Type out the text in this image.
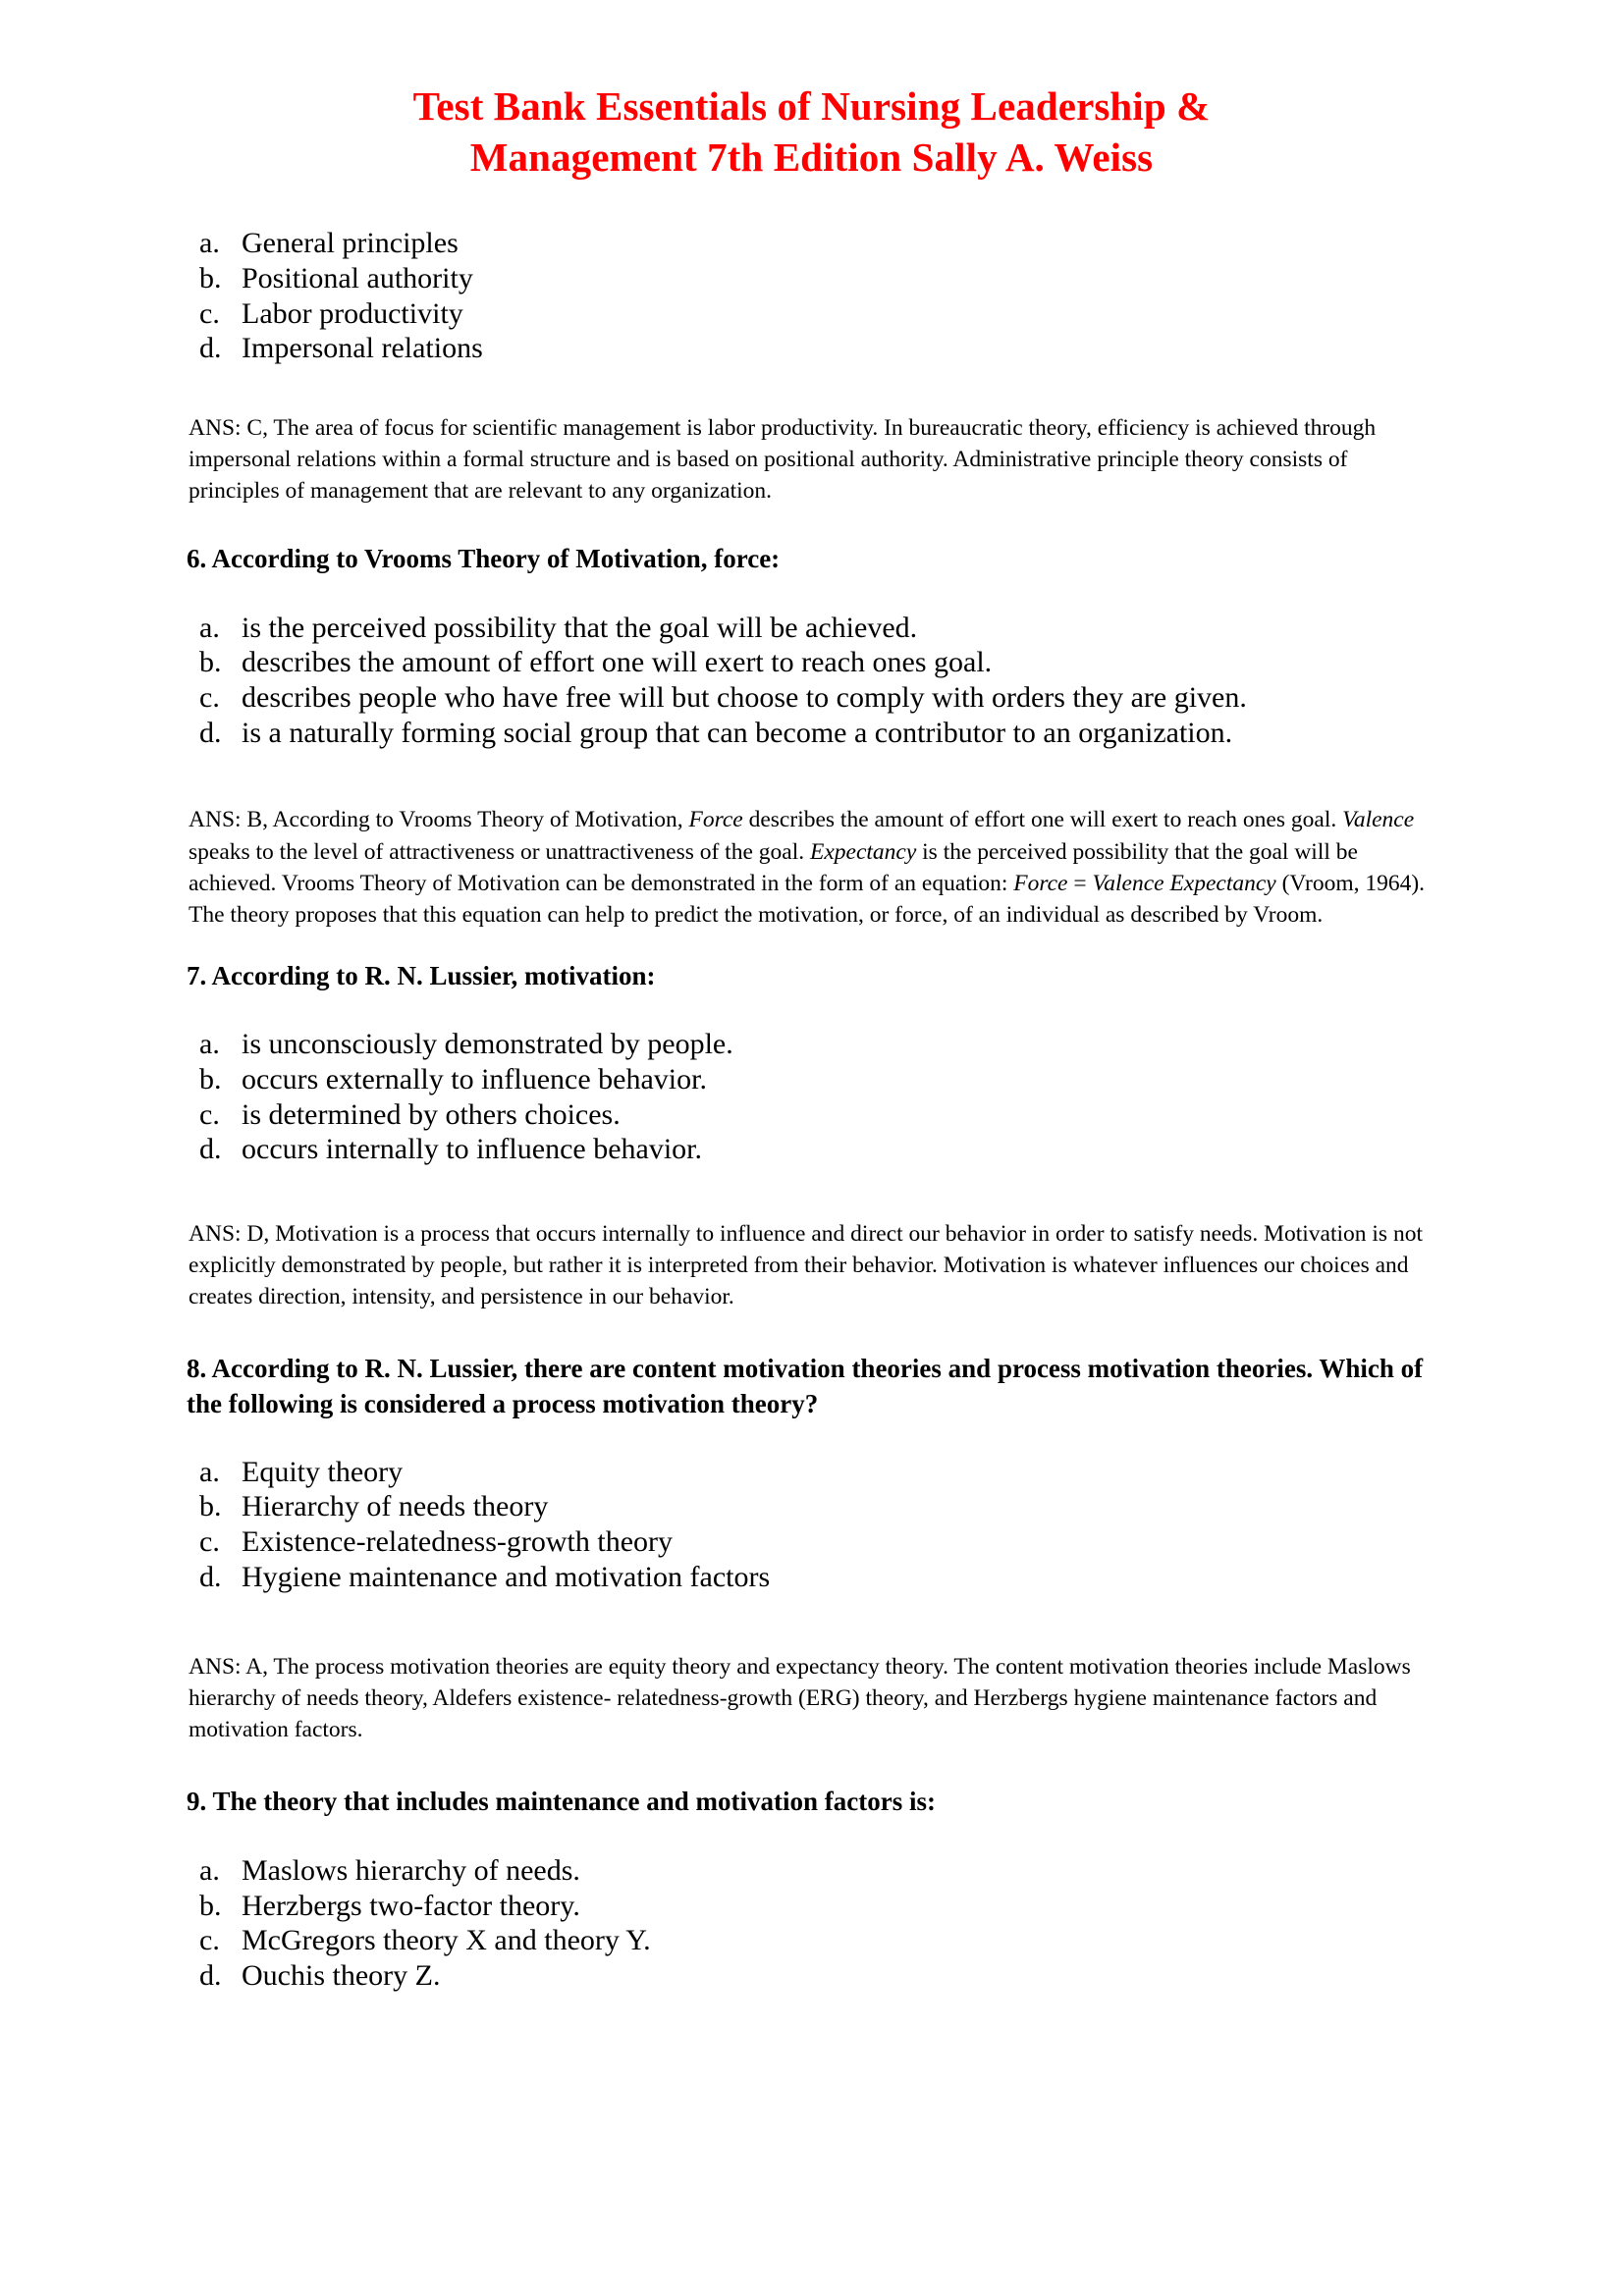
Test Bank Essentials of Nursing Leadership &
Management 7th Edition Sally A. Weiss
a. General principles
b. Positional authority
c. Labor productivity
d. Impersonal relations

ANS: C, The area of focus for scientific management is labor productivity. In bureaucratic theory, efficiency is achieved through impersonal relations within a formal structure and is based on positional authority. Administrative principle theory consists of principles of management that are relevant to any organization.

6. According to Vrooms Theory of Motivation, force:

a. is the perceived possibility that the goal will be achieved.
b. describes the amount of effort one will exert to reach ones goal.
c. describes people who have free will but choose to comply with orders they are given.
d. is a naturally forming social group that can become a contributor to an organization.

ANS: B, According to Vrooms Theory of Motivation, Force describes the amount of effort one will exert to reach ones goal. Valence speaks to the level of attractiveness or unattractiveness of the goal. Expectancy is the perceived possibility that the goal will be achieved. Vrooms Theory of Motivation can be demonstrated in the form of an equation: Force = Valence Expectancy (Vroom, 1964). The theory proposes that this equation can help to predict the motivation, or force, of an individual as described by Vroom.

7. According to R. N. Lussier, motivation:

a. is unconsciously demonstrated by people.
b. occurs externally to influence behavior.
c. is determined by others choices.
d. occurs internally to influence behavior.

ANS: D, Motivation is a process that occurs internally to influence and direct our behavior in order to satisfy needs. Motivation is not explicitly demonstrated by people, but rather it is interpreted from their behavior. Motivation is whatever influences our choices and creates direction, intensity, and persistence in our behavior.

8. According to R. N. Lussier, there are content motivation theories and process motivation theories. Which of the following is considered a process motivation theory?

a. Equity theory
b. Hierarchy of needs theory
c. Existence-relatedness-growth theory
d. Hygiene maintenance and motivation factors

ANS: A, The process motivation theories are equity theory and expectancy theory. The content motivation theories include Maslows hierarchy of needs theory, Aldefers existence- relatedness-growth (ERG) theory, and Herzbergs hygiene maintenance factors and motivation factors.

9. The theory that includes maintenance and motivation factors is:

a. Maslows hierarchy of needs.
b. Herzbergs two-factor theory.
c. McGregors theory X and theory Y.
d. Ouchis theory Z.
